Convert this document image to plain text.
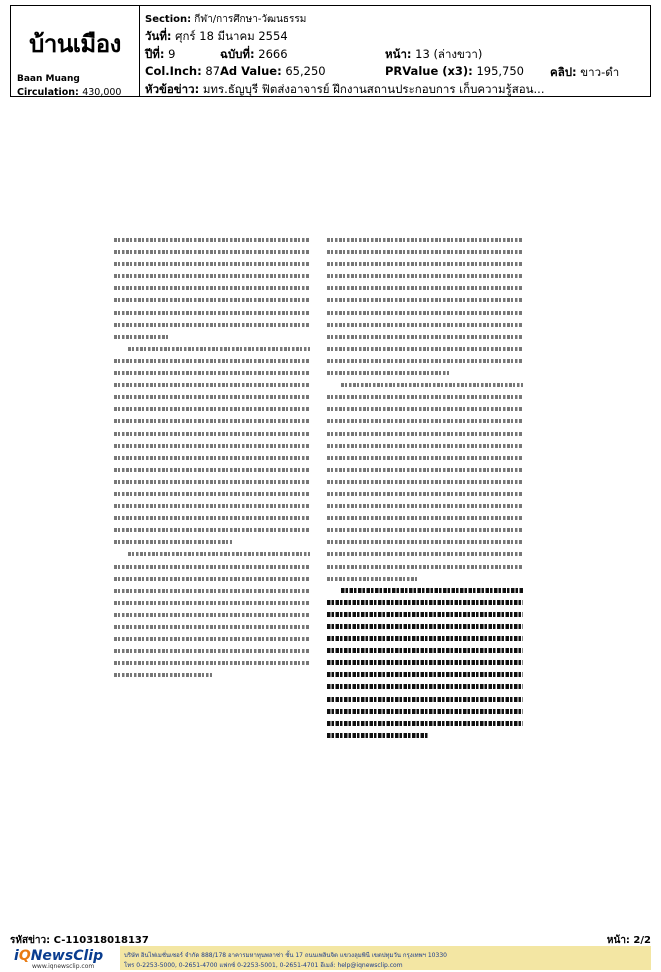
บ้านเมือง
Baan Muang
Circulation: 430,000
Section: กีฬา/การศึกษา-วัฒนธรรม
วันที่: ศุกร์ 18 มีนาคม 2554
ปีที่: 9	ฉบับที่: 2666	หน้า: 13 (ล่างขวา)
Col.Inch: 87 Ad Value: 65,250	PRValue (x3): 195,750 คลิป: ขาว-ดำ
หัวข้อข่าว: มทร.ธัญบุรี ฟิตส่งอาจารย์ ฝึกงานสถานประกอบการ เก็บความรู้สอน...
รหัสข่าว: C-110318018137	หน้า: 2/2
iQNewsClip
www.iqnewsclip.com
บริษัท อินไฟเมชั่นเซอร์ จำกัด 888/178 อาคารมหาทุนพลาซ่า ชั้น 17 ถนนเพลินจิต แขวงลุมพินี เขตปทุมวัน กรุงเทพฯ 10330
โทร 0-2253-5000, 0-2651-4700 แฟกซ์ 0-2253-5001, 0-2651-4701 อีเมล์: help@iqnewsclip.com
